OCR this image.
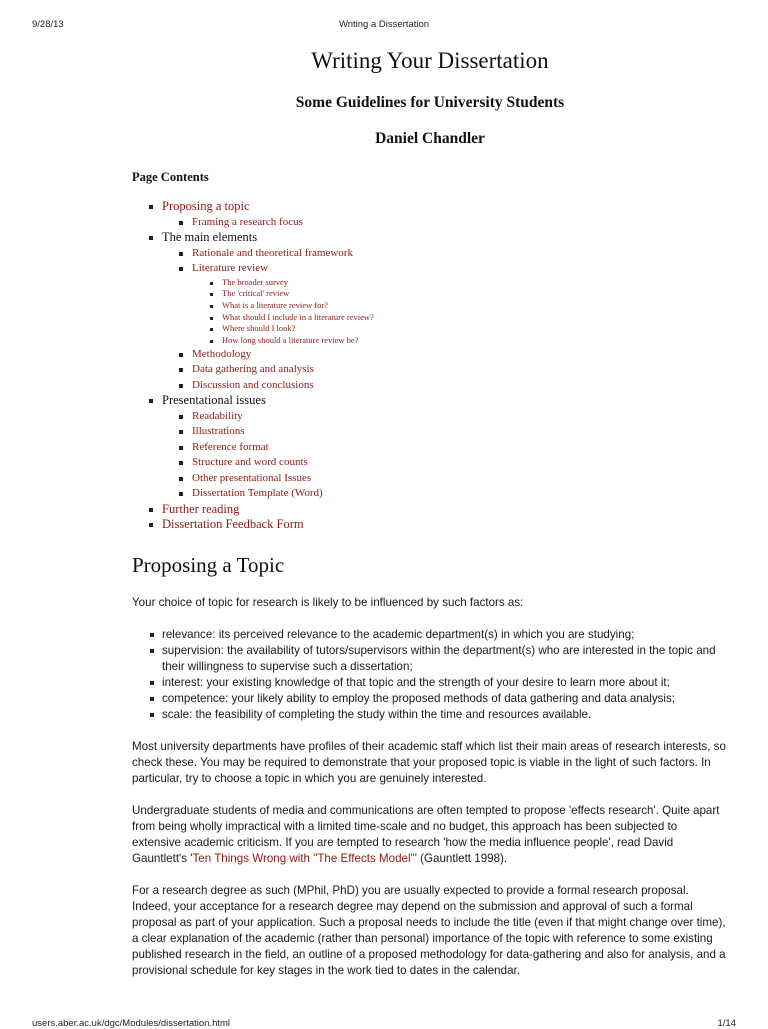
9/28/13	Writing a Dissertation
Writing Your Dissertation
Some Guidelines for University Students
Daniel Chandler
Page Contents
Proposing a topic
Framing a research focus
The main elements
Rationale and theoretical framework
Literature review
The broader survey
The 'critical' review
What is a literature review for?
What should I include in a literature review?
Where should I look?
How long should a literature review be?
Methodology
Data gathering and analysis
Discussion and conclusions
Presentational issues
Readability
Illustrations
Reference format
Structure and word counts
Other presentational Issues
Dissertation Template (Word)
Further reading
Dissertation Feedback Form
Proposing a Topic

Your choice of topic for research is likely to be influenced by such factors as:

relevance: its perceived relevance to the academic department(s) in which you are studying;
supervision: the availability of tutors/supervisors within the department(s) who are interested in the topic and their willingness to supervise such a dissertation;
interest: your existing knowledge of that topic and the strength of your desire to learn more about it;
competence: your likely ability to employ the proposed methods of data gathering and data analysis;
scale: the feasibility of completing the study within the time and resources available.

Most university departments have profiles of their academic staff which list their main areas of research interests, so check these. You may be required to demonstrate that your proposed topic is viable in the light of such factors. In particular, try to choose a topic in which you are genuinely interested.

Undergraduate students of media and communications are often tempted to propose 'effects research'. Quite apart from being wholly impractical with a limited time-scale and no budget, this approach has been subjected to extensive academic criticism. If you are tempted to research 'how the media influence people', read David Gauntlett's 'Ten Things Wrong with "The Effects Model"' (Gauntlett 1998).

For a research degree as such (MPhil, PhD) you are usually expected to provide a formal research proposal. Indeed, your acceptance for a research degree may depend on the submission and approval of such a formal proposal as part of your application. Such a proposal needs to include the title (even if that might change over time), a clear explanation of the academic (rather than personal) importance of the topic with reference to some existing published research in the field, an outline of a proposed methodology for data-gathering and also for analysis, and a provisional schedule for key stages in the work tied to dates in the calendar.

users.aber.ac.uk/dgc/Modules/dissertation.html	1/14
